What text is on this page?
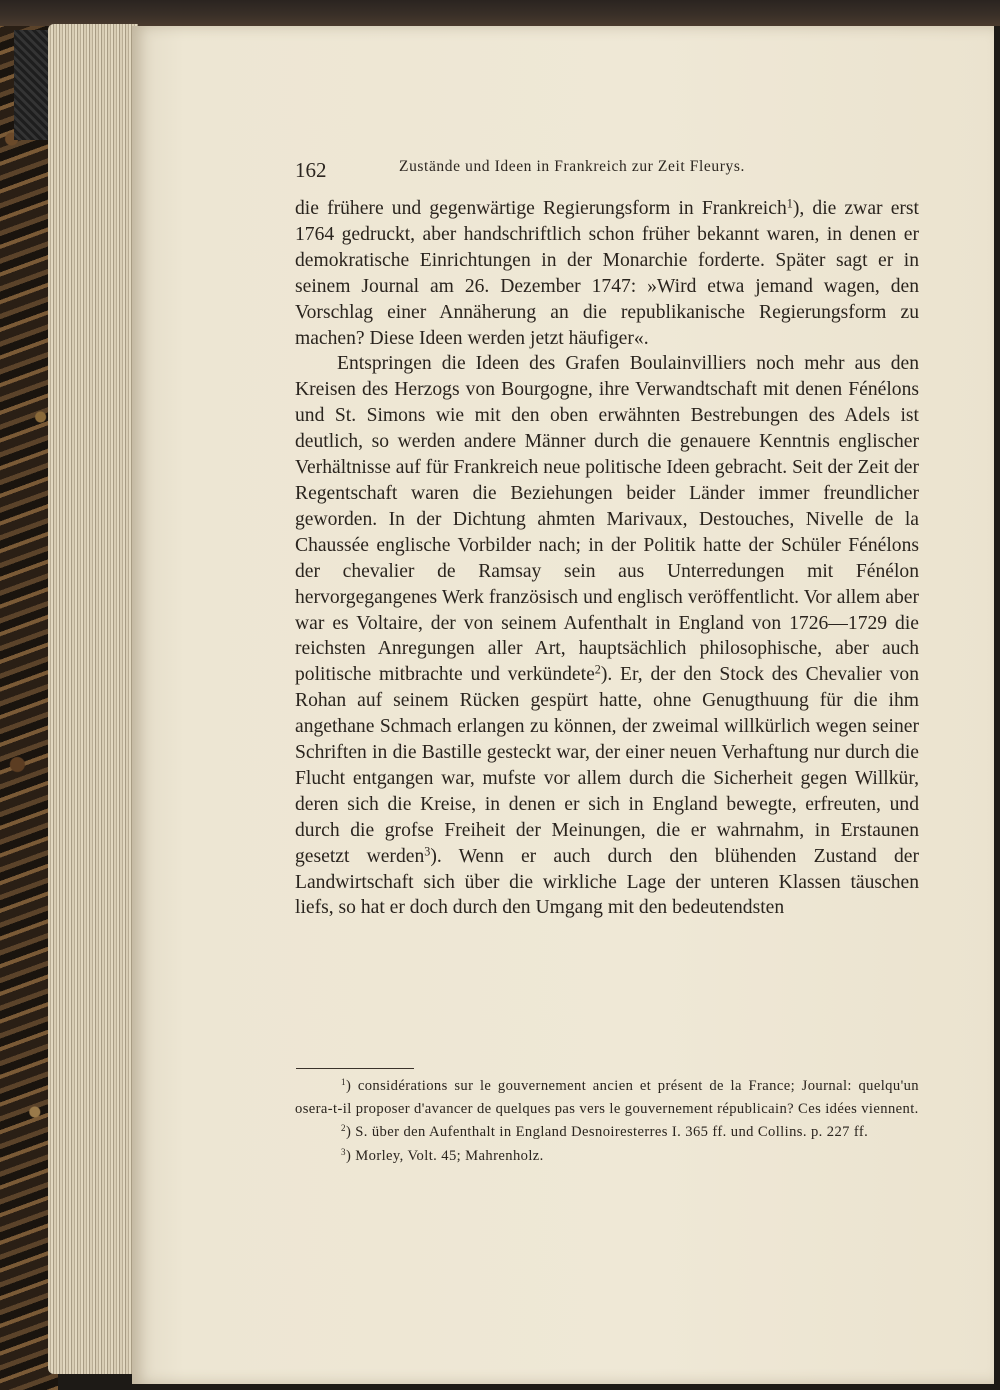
162	Zustände und Ideen in Frankreich zur Zeit Fleurys.

die frühere und gegenwärtige Regierungsform in Frankreich$^1$), die zwar erst 1764 gedruckt, aber handschriftlich schon früher bekannt waren, in denen er demokratische Einrichtungen in der Monarchie forderte. Später sagt er in seinem Journal am 26. Dezember 1747: »Wird etwa jemand wagen, den Vorschlag einer Annäherung an die republikanische Regierungsform zu machen? Diese Ideen werden jetzt häufiger«.

Entspringen die Ideen des Grafen Boulainvilliers noch mehr aus den Kreisen des Herzogs von Bourgogne, ihre Verwandtschaft mit denen Fénélons und St. Simons wie mit den oben erwähnten Bestrebungen des Adels ist deutlich, so werden andere Männer durch die genauere Kenntnis englischer Verhältnisse auf für Frankreich neue politische Ideen gebracht. Seit der Zeit der Regentschaft waren die Beziehungen beider Länder immer freundlicher geworden. In der Dichtung ahmten Marivaux, Destouches, Nivelle de la Chaussée englische Vorbilder nach; in der Politik hatte der Schüler Fénélons der chevalier de Ramsay sein aus Unterredungen mit Fénélon hervorgegangenes Werk französisch und englisch veröffentlicht. Vor allem aber war es Voltaire, der von seinem Aufenthalt in England von 1726—1729 die reichsten Anregungen aller Art, hauptsächlich philosophische, aber auch politische mitbrachte und verkündete$^2$). Er, der den Stock des Chevalier von Rohan auf seinem Rücken gespürt hatte, ohne Genugthuung für die ihm angethane Schmach erlangen zu können, der zweimal willkürlich wegen seiner Schriften in die Bastille gesteckt war, der einer neuen Verhaftung nur durch die Flucht entgangen war, mufste vor allem durch die Sicherheit gegen Willkür, deren sich die Kreise, in denen er sich in England bewegte, erfreuten, und durch die grofse Freiheit der Meinungen, die er wahrnahm, in Erstaunen gesetzt werden$^3$). Wenn er auch durch den blühenden Zustand der Landwirtschaft sich über die wirkliche Lage der unteren Klassen täuschen liefs, so hat er doch durch den Umgang mit den bedeutendsten

$^1$) considérations sur le gouvernement ancien et présent de la France; Journal: quelqu'un osera-t-il proposer d'avancer de quelques pas vers le gouvernement républicain? Ces idées viennent.

$^2$) S. über den Aufenthalt in England Desnoiresterres I. 365 ff. und Collins. p. 227 ff.

$^3$) Morley, Volt. 45; Mahrenholz.
